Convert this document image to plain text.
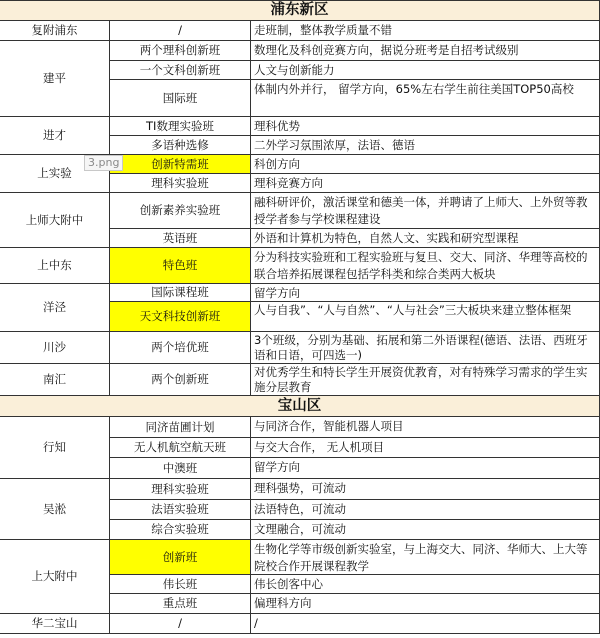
浦东新区
宝山区
复附浦东
建平
进才
上实验
上师大附中
上中东
洋泾
川沙
南汇
行知
吴淞
上大附中
华二宝山
/
两个理科创新班
一个文科创新班
国际班
TI数理实验班
多语种选修
创新特需班
理科实验班
创新素养实验班
英语班
特色班
国际课程班
天文科技创新班
两个培优班
两个创新班
同济苗圃计划
无人机航空航天班
中澳班
理科实验班
法语实验班
综合实验班
创新班
伟长班
重点班
/
走班制，整体教学质量不错
数理化及科创竞赛方向，据说分班考是自招考试级别
人文与创新能力
体制内外并行， 留学方向，65%左右学生前往美国TOP50高校
理科优势
二外学习氛围浓厚，法语、德语
科创方向
理科竞赛方向
融科研评价，激活课堂和德美一体，并聘请了上师大、上外贸等教授学者参与学校课程建设
外语和计算机为特色，自然人文、实践和研究型课程
分为科技实验班和工程实验班与复旦、交大、同济、华理等高校的联合培养拓展课程包括学科类和综合类两大板块
留学方向
人与自我”、“人与自然”、“人与社会”三大板块来建立整体框架
3个班级，分别为基础、拓展和第二外语课程(德语、法语、西班牙语和日语，可四选一)
对优秀学生和特长学生开展资优教育，对有特殊学习需求的学生实施分层教育
与同济合作，智能机器人项目
与交大合作， 无人机项目
留学方向
理科强势，可流动
法语特色，可流动
文理融合，可流动
生物化学等市级创新实验室，与上海交大、同济、华师大、上大等院校合作开展课程教学
伟长创客中心
偏理科方向
/
3.png
